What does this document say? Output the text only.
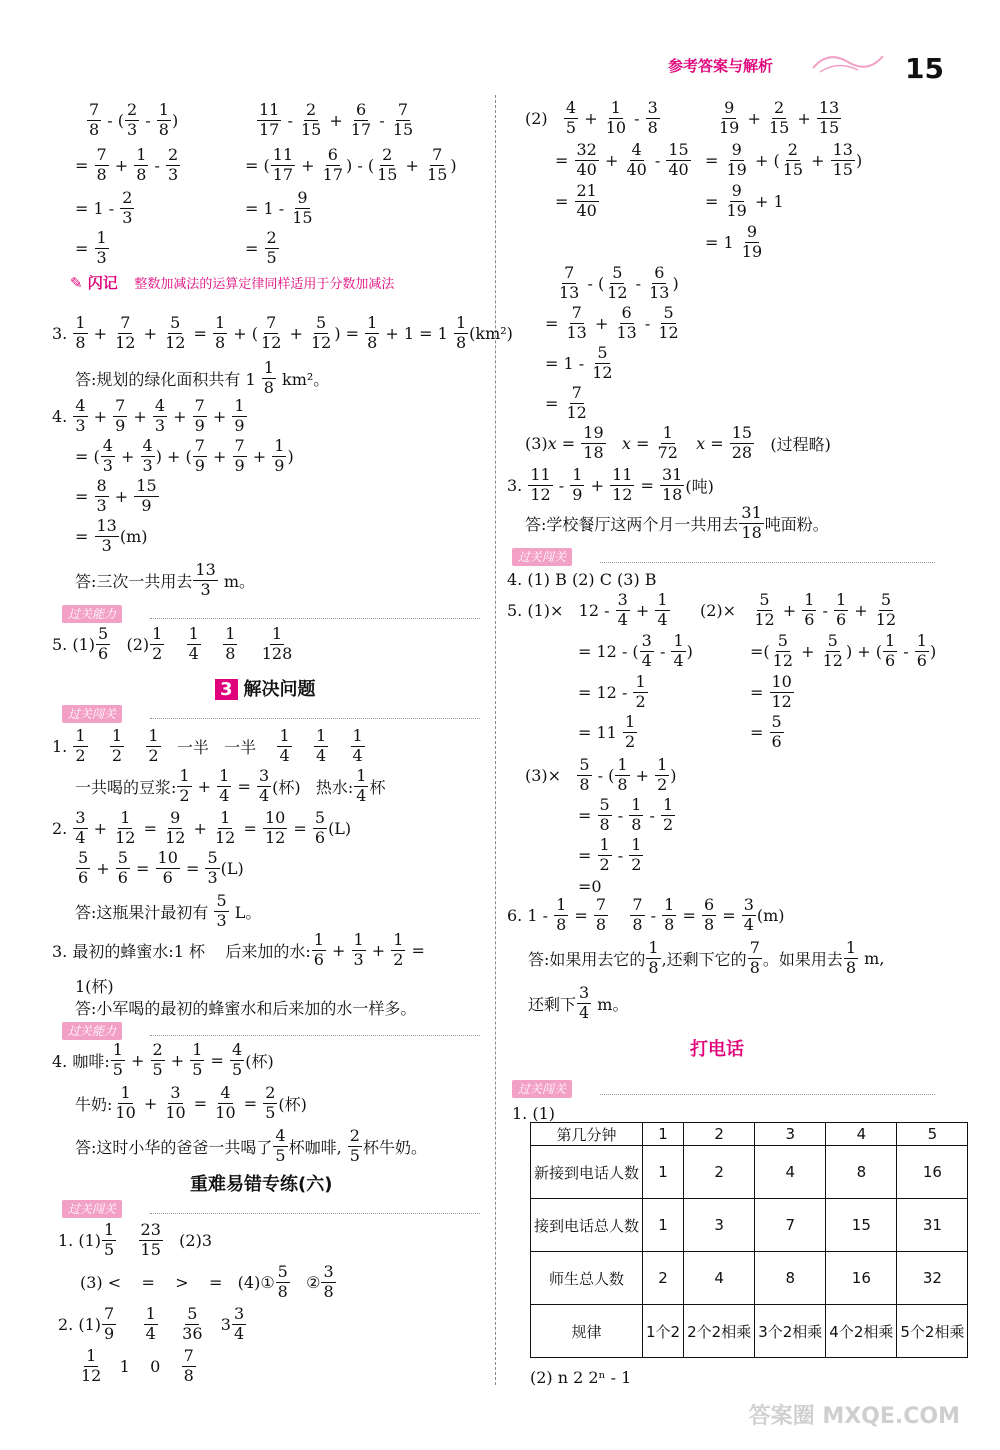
参考答案与解析	15
$\frac{7}{8}$ - ( $\frac{2}{3} - \frac{1}{8}$ )
= $\frac{7}{8} + \frac{1}{8} - \frac{2}{3}$
= $1 - \frac{2}{3}$
= $\frac{1}{3}$
$\frac{11}{17} - \frac{2}{15} + \frac{6}{17} - \frac{7}{15}$
= ( $\frac{11}{17} + \frac{6}{17}$ ) - ( $\frac{2}{15} + \frac{7}{15}$ )
= $1 - \frac{9}{15}$
= $\frac{2}{5}$
✎ 闪记 整数加减法的运算定律同样适用于分数加减法
3. $\frac{1}{8} + \frac{7}{12} + \frac{5}{12} = \frac{1}{8}$ + ( $\frac{7}{12} + \frac{5}{12}$ ) = $\frac{1}{8} + 1 = 1 \frac{1}{8} (km^2)$
答:规划的绿化面积共有 $1 \frac{1}{8} km^2$。
4. $\frac{4}{3} + \frac{7}{9} + \frac{4}{3} + \frac{7}{9} + \frac{1}{9}$
= ( $\frac{4}{3} + \frac{4}{3}$ ) + ( $\frac{7}{9} + \frac{7}{9} + \frac{1}{9}$ )
= $\frac{8}{3} + \frac{15}{9}$
= $\frac{13}{3} (m)$
答:三次一共用去 $\frac{13}{3}$ m。
过关能力
5. $(1) \frac{5}{6} (2) \frac{1}{2}$
$\frac{1}{4}$
$\frac{1}{8}$
$\frac{1}{128}$
3 解决问题
过关闯关
1. $\frac{1}{2}$
$\frac{1}{2}$
$\frac{1}{2}$ 一半   一半 $\frac{1}{4}$
$\frac{1}{4}$
$\frac{1}{4}$
一共喝的豆浆: $\frac{1}{2} + \frac{1}{4} = \frac{3}{4}$ (杯)   热水: $\frac{1}{4}$ 杯
2. $\frac{3}{4} + \frac{1}{12} = \frac{9}{12} + \frac{1}{12} = \frac{10}{12} = \frac{5}{6} (L)$
$\frac{5}{6} + \frac{5}{6} = \frac{10}{6} = \frac{5}{3} (L)$
答:这瓶果汁最初有 $\frac{5}{3}$ L。
3. 最初的蜂蜜水:1 杯    后来加的水: $\frac{1}{6} + \frac{1}{3} + \frac{1}{2}$ =
1(杯)
答:小军喝的最初的蜂蜜水和后来加的水一样多。
过关能力
4. 咖啡: $\frac{1}{5} + \frac{2}{5} + \frac{1}{5} = \frac{4}{5}$ (杯)
牛奶: $\frac{1}{10} + \frac{3}{10} = \frac{4}{10} = \frac{2}{5}$ (杯)
答:这时小华的爸爸一共喝了 $\frac{4}{5}$ 杯咖啡, $\frac{2}{5}$ 杯牛奶。
重难易错专练(六)
过关闯关
1. $(1) \frac{1}{5}$
$\frac{23}{15} (2)3$
(3) <    =    >    =   (4)① $\frac{5}{8}$ ② $\frac{3}{8}$
2. $(1) \frac{7}{9}$
$\frac{1}{4}$
$\frac{5}{36} 3 \frac{3}{4}$
$\frac{1}{12} 1$    $0 \frac{7}{8}$
$(2) \frac{4}{5} + \frac{1}{10} - \frac{3}{8}$
= $\frac{32}{40} + \frac{4}{40} - \frac{15}{40}$
= $\frac{21}{40}$
$\frac{9}{19} + \frac{2}{15} + \frac{13}{15}$
= $\frac{9}{19}$ + ( $\frac{2}{15} + \frac{13}{15}$ )
= $\frac{9}{19} + 1$
= $1 \frac{9}{19}$
$\frac{7}{13}$ - ( $\frac{5}{12} - \frac{6}{13}$ )
= $\frac{7}{13} + \frac{6}{13} - \frac{5}{12}$
= $1 - \frac{5}{12}$
= $\frac{7}{12}$
(3) $x = \frac{19}{18}$
$x = \frac{1}{72}$
$x = \frac{15}{28}$ (过程略)
3. $\frac{11}{12} - \frac{1}{9} + \frac{11}{12} = \frac{31}{18}$ (吨)
答:学校餐厅这两个月一共用去 $\frac{31}{18}$ 吨面粉。
过关闯关
4. (1) B (2) C (3) B
5. $(1)\times 12 - \frac{3}{4} + \frac{1}{4}$
= 12 - ( $\frac{3}{4} - \frac{1}{4}$ )
= $12 - \frac{1}{2}$
= $11 \frac{1}{2}$
$(2)\times \frac{5}{12} + \frac{1}{6} - \frac{1}{6} + \frac{5}{12}$
=( $\frac{5}{12} + \frac{5}{12}$ ) + ( $\frac{1}{6} - \frac{1}{6}$ )
= $\frac{10}{12}$
= $\frac{5}{6}$
$(3)\times \frac{5}{8}$ - ( $\frac{1}{8} + \frac{1}{2}$ )
= $\frac{5}{8} - \frac{1}{8} - \frac{1}{2}$
= $\frac{1}{2} - \frac{1}{2}$
=0
6. $1 - \frac{1}{8} = \frac{7}{8}$
$\frac{7}{8} - \frac{1}{8} = \frac{6}{8} = \frac{3}{4} (m)$
答:如果用去它的 $\frac{1}{8}$ ,还剩下它的 $\frac{7}{8}$ 。如果用去 $\frac{1}{8} m$,
还剩下 $\frac{3}{4}$ m。
打电话
过关闯关
1. (1)
第几分钟	1	2	3	4	5
新接到电话人数	1	2	4	8	16
接到电话总人数	1	3	7	15	31
师生总人数	2	4	8	16	32
规律	1个2	2个2相乘	3个2相乘	4个2相乘	5个2相乘
(2) n 2 2ⁿ - 1
答案圈 MXQE.COM
